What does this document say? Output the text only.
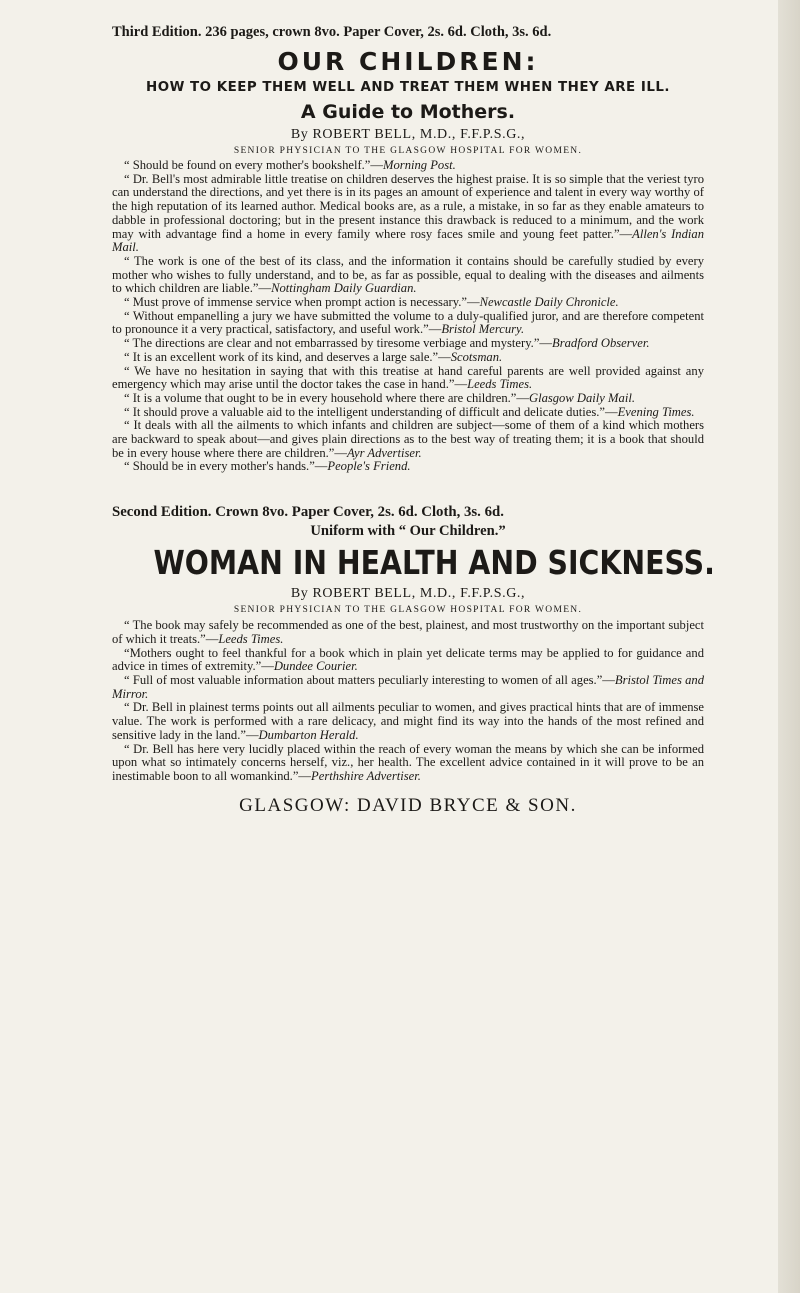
Third Edition. 236 pages, crown 8vo. Paper Cover, 2s. 6d. Cloth, 3s. 6d.
OUR CHILDREN:
HOW TO KEEP THEM WELL AND TREAT THEM WHEN THEY ARE ILL.
A Guide to Mothers.
By ROBERT BELL, M.D., F.F.P.S.G.,
SENIOR PHYSICIAN TO THE GLASGOW HOSPITAL FOR WOMEN.

“ Should be found on every mother's bookshelf.”—Morning Post.

“ Dr. Bell's most admirable little treatise on children deserves the highest praise. It is so simple that the veriest tyro can understand the directions, and yet there is in its pages an amount of experience and talent in every way worthy of the high reputation of its learned author. Medical books are, as a rule, a mistake, in so far as they enable amateurs to dabble in professional doctoring; but in the present instance this drawback is reduced to a minimum, and the work may with advantage find a home in every family where rosy faces smile and young feet patter.”—Allen's Indian Mail.

“ The work is one of the best of its class, and the information it contains should be carefully studied by every mother who wishes to fully understand, and to be, as far as possible, equal to dealing with the diseases and ailments to which children are liable.”—Nottingham Daily Guardian.

“ Must prove of immense service when prompt action is necessary.”—Newcastle Daily Chronicle.

“ Without empanelling a jury we have submitted the volume to a duly-qualified juror, and are therefore competent to pronounce it a very practical, satisfactory, and useful work.”—Bristol Mercury.

“ The directions are clear and not embarrassed by tiresome verbiage and mystery.”—Bradford Observer.

“ It is an excellent work of its kind, and deserves a large sale.”—Scotsman.

“ We have no hesitation in saying that with this treatise at hand careful parents are well provided against any emergency which may arise until the doctor takes the case in hand.”—Leeds Times.

“ It is a volume that ought to be in every household where there are children.”—Glasgow Daily Mail.

“ It should prove a valuable aid to the intelligent understanding of difficult and delicate duties.”—Evening Times.

“ It deals with all the ailments to which infants and children are subject—some of them of a kind which mothers are backward to speak about—and gives plain directions as to the best way of treating them; it is a book that should be in every house where there are children.”—Ayr Advertiser.

“ Should be in every mother's hands.”—People's Friend.

Second Edition. Crown 8vo. Paper Cover, 2s. 6d. Cloth, 3s. 6d.
Uniform with “ Our Children.”
WOMAN IN HEALTH AND SICKNESS.
By ROBERT BELL, M.D., F.F.P.S.G.,
SENIOR PHYSICIAN TO THE GLASGOW HOSPITAL FOR WOMEN.

“ The book may safely be recommended as one of the best, plainest, and most trustworthy on the important subject of which it treats.”—Leeds Times.

“Mothers ought to feel thankful for a book which in plain yet delicate terms may be applied to for guidance and advice in times of extremity.”—Dundee Courier.

“ Full of most valuable information about matters peculiarly interesting to women of all ages.”—Bristol Times and Mirror.

“ Dr. Bell in plainest terms points out all ailments peculiar to women, and gives practical hints that are of immense value. The work is performed with a rare delicacy, and might find its way into the hands of the most refined and sensitive lady in the land.”—Dumbarton Herald.

“ Dr. Bell has here very lucidly placed within the reach of every woman the means by which she can be informed upon what so intimately concerns herself, viz., her health. The excellent advice contained in it will prove to be an inestimable boon to all womankind.”—Perthshire Advertiser.

GLASGOW: DAVID BRYCE & SON.
